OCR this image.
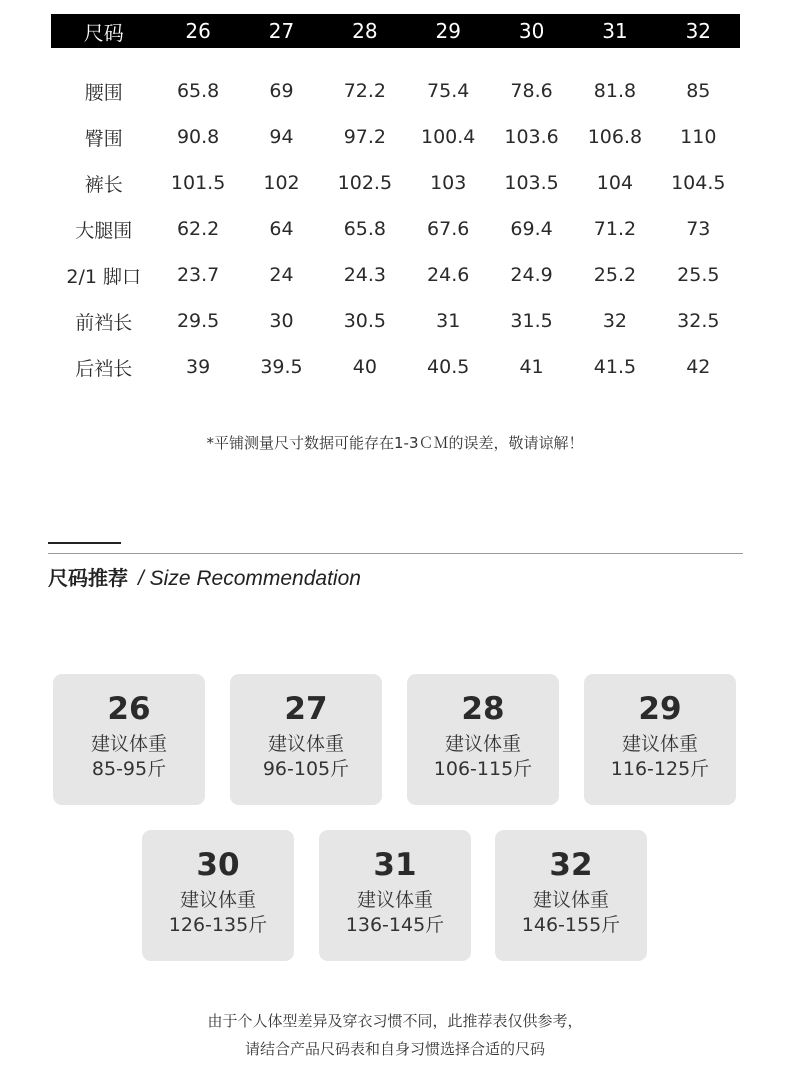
尺码	26	27	28	29	30	31	32
腰围	65.8	69	72.2	75.4	78.6	81.8	85
臀围	90.8	94	97.2	100.4	103.6	106.8	110
裤长	101.5	102	102.5	103	103.5	104	104.5
大腿围	62.2	64	65.8	67.6	69.4	71.2	73
2/1 脚口	23.7	24	24.3	24.6	24.9	25.2	25.5
前裆长	29.5	30	30.5	31	31.5	32	32.5
后裆长	39	39.5	40	40.5	41	41.5	42
*平铺测量尺寸数据可能存在1-3ＣＭ的误差，敬请谅解！
尺码推荐 / Size Recommendation
26
建议体重
85-95斤
27
建议体重
96-105斤
28
建议体重
106-115斤
29
建议体重
116-125斤
30
建议体重
126-135斤
31
建议体重
136-145斤
32
建议体重
146-155斤
由于个人体型差异及穿衣习惯不同，此推荐表仅供参考，
请结合产品尺码表和自身习惯选择合适的尺码
